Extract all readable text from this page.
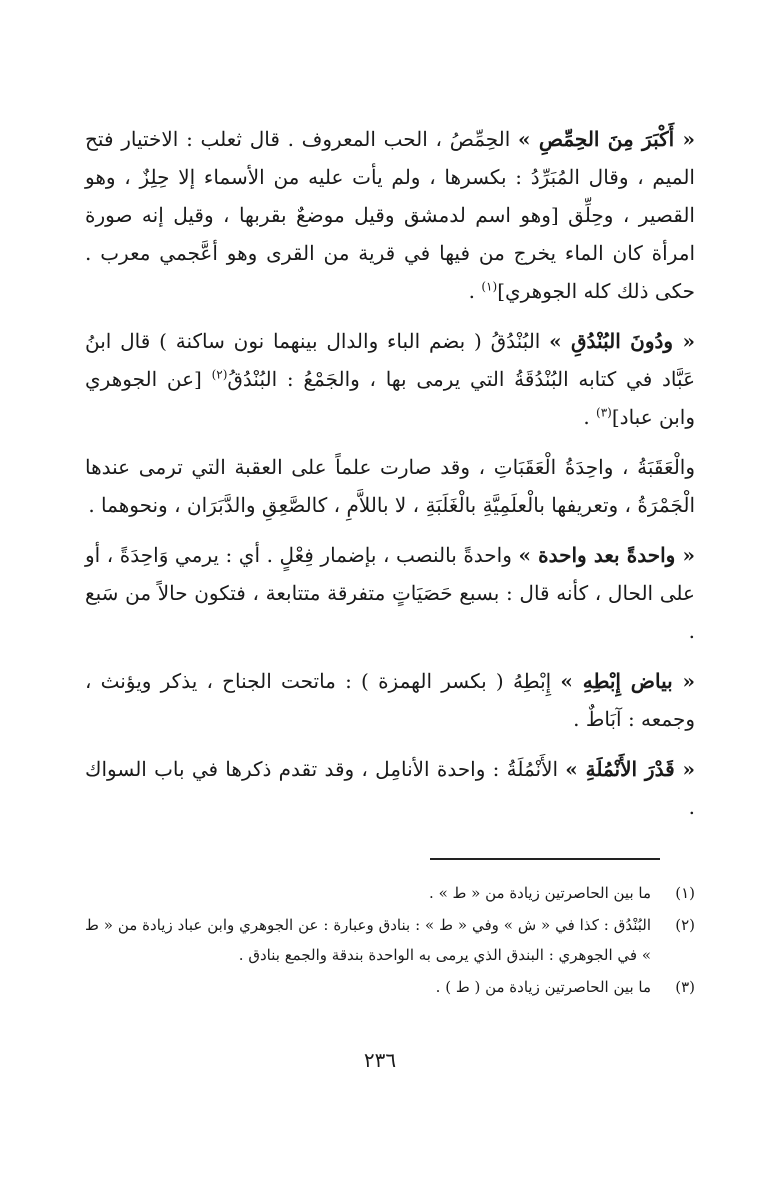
« أَكْبَرَ مِنَ الحِمِّصِ » الحِمِّصُ ، الحب المعروف . قال ثعلب : الاختيار فتح الميم ، وقال المُبَرِّدُ : بكسرها ، ولم يأت عليه من الأسماء إلا حِلِزٌ ، وهو القصير ، وحِلِّق [وهو اسم لدمشق وقيل موضعٌ بقربها ، وقيل إنه صورة امرأة كان الماء يخرج من فيها في قرية من القرى وهو أعَّجمي معرب . حكى ذلك كله الجوهري]$^{(١)}$ .

« ودُونَ البُنْدُقِ » البُنْدُقُ ( بضم الباء والدال بينهما نون ساكنة ) قال ابنُ عَبَّاد في كتابه البُنْدُقَةُ التي يرمى بها ، والجَمْعُ : البُنْدُقُ$^{(٢)}$ [عن الجوهري وابن عباد]$^{(٣)}$ .

والْعَقَبَةُ ، واحِدَةُ الْعَقَبَاتِ ، وقد صارت علماً على العقبة التي ترمى عندها الْجَمْرَةُ ، وتعريفها بالْعلَمِيَّةِ بالْغَلَبَةِ ، لا باللاَّمِ ، كالصَّعِقِ والدَّبَرَان ، ونحوهما .

« واحدةً بعد واحدة » واحدةً بالنصب ، بإضمار فِعْلٍ . أي : يرمي وَاحِدَةً ، أو على الحال ، كأنه قال : بسبع حَصَيَاتٍ متفرقة متتابعة ، فتكون حالاً من سَبع .

« بياض إِبْطِهِ » إِبْطِهُ ( بكسر الهمزة ) : ماتحت الجناح ، يذكر ويؤنث ، وجمعه : آبَاطٌ .

« قَدْرَ الأَنْمُلَةِ » الأَنْمُلَةُ : واحدة الأنامِل ، وقد تقدم ذكرها في باب السواك .

(١)
ما بين الحاصرتين زيادة من « ط » .
(٢)
البُنْدُق : كذا في « ش » وفي « ط » : بنادق وعبارة : عن الجوهري وابن عباد زيادة من « ط » في الجوهري : البندق الذي يرمى به الواحدة بندقة والجمع بنادق .
(٣)
ما بين الحاصرتين زيادة من ( ط ) .
٢٣٦
